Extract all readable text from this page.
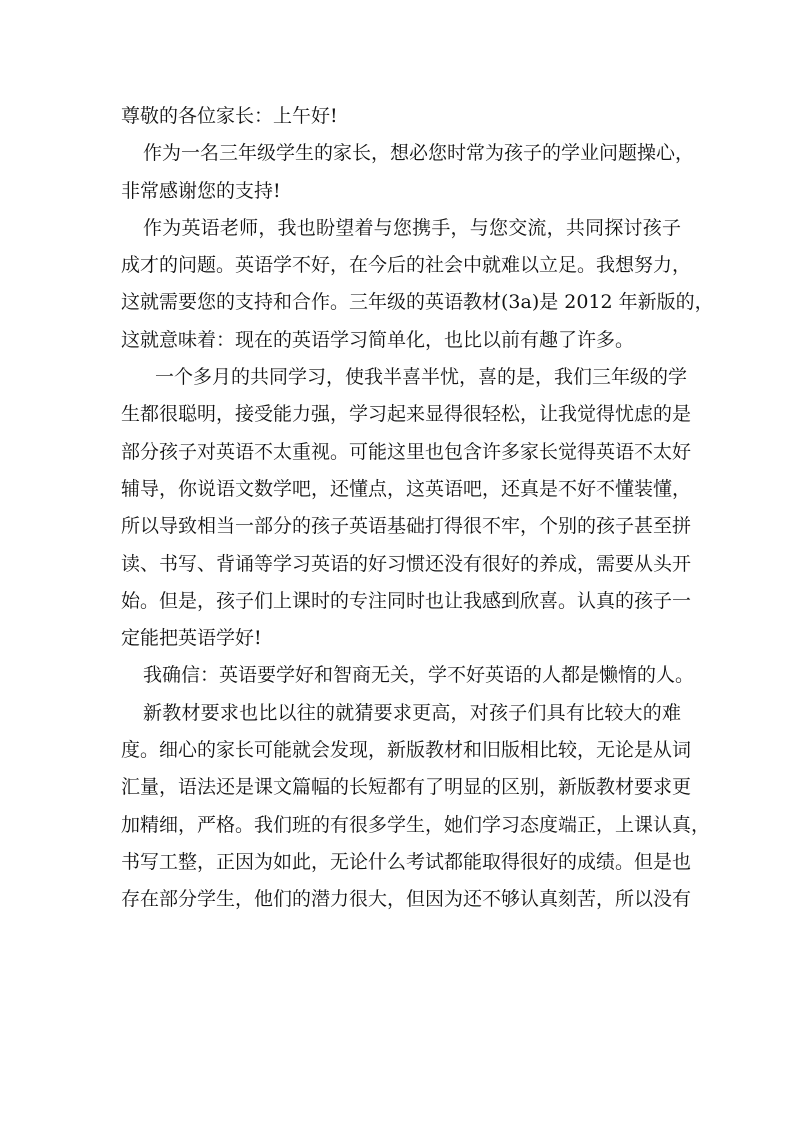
尊敬的各位家长：上午好!
作为一名三年级学生的家长，想必您时常为孩子的学业问题操心，
非常感谢您的支持!
作为英语老师，我也盼望着与您携手，与您交流，共同探讨孩子
成才的问题。英语学不好，在今后的社会中就难以立足。我想努力，
这就需要您的支持和合作。三年级的英语教材(3a)是 2012 年新版的，
这就意味着：现在的英语学习简单化，也比以前有趣了许多。
一个多月的共同学习，使我半喜半忧，喜的是，我们三年级的学
生都很聪明，接受能力强，学习起来显得很轻松，让我觉得忧虑的是
部分孩子对英语不太重视。可能这里也包含许多家长觉得英语不太好
辅导，你说语文数学吧，还懂点，这英语吧，还真是不好不懂装懂，
所以导致相当一部分的孩子英语基础打得很不牢，个别的孩子甚至拼
读、书写、背诵等学习英语的好习惯还没有很好的养成，需要从头开
始。但是，孩子们上课时的专注同时也让我感到欣喜。认真的孩子一
定能把英语学好!
我确信：英语要学好和智商无关，学不好英语的人都是懒惰的人。
新教材要求也比以往的就猜要求更高，对孩子们具有比较大的难
度。细心的家长可能就会发现，新版教材和旧版相比较，无论是从词
汇量，语法还是课文篇幅的长短都有了明显的区别，新版教材要求更
加精细，严格。我们班的有很多学生，她们学习态度端正，上课认真，
书写工整，正因为如此，无论什么考试都能取得很好的成绩。但是也
存在部分学生，他们的潜力很大，但因为还不够认真刻苦，所以没有
